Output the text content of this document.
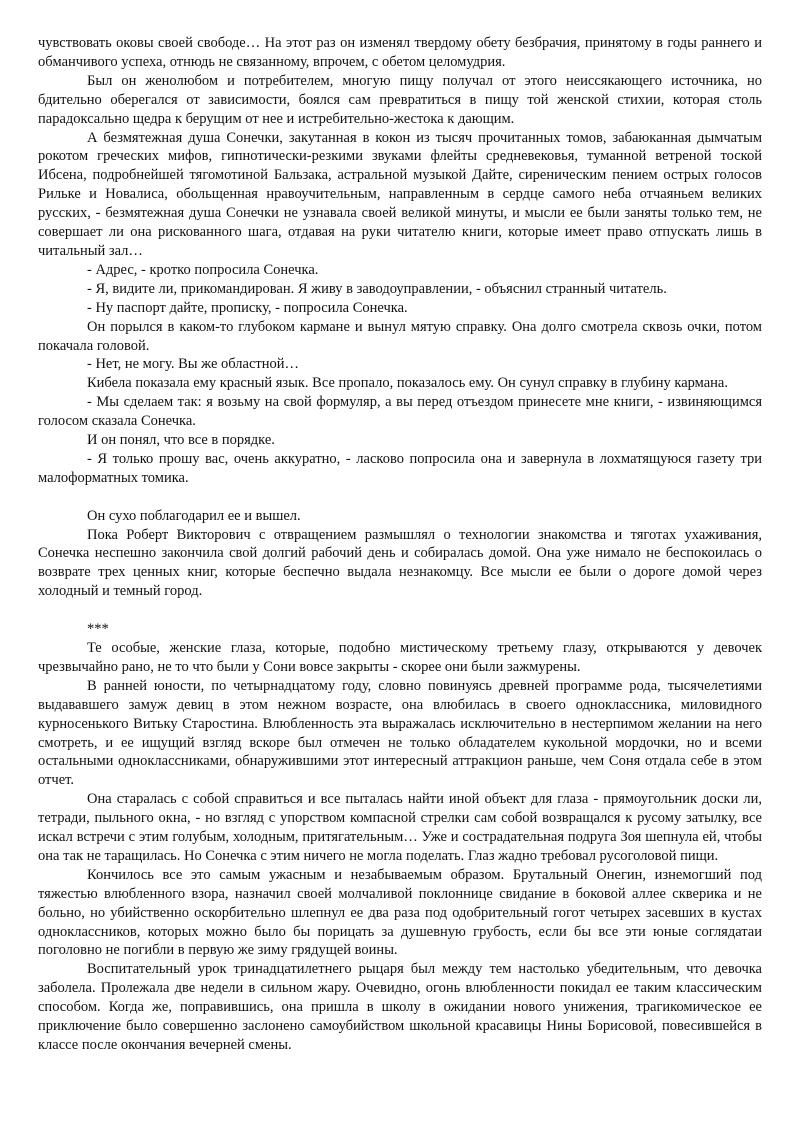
чувствовать оковы своей свободе… На этот раз он изменял твердому обету безбрачия, принятому в годы раннего и обманчивого успеха, отнюдь не связанному, впрочем, с обетом целомудрия.

Был он женолюбом и потребителем, многую пищу получал от этого неиссякающего источника, но бдительно оберегался от зависимости, боялся сам превратиться в пищу той женской стихии, которая столь парадоксально щедра к берущим от нее и истребительно-жестока к дающим.

А безмятежная душа Сонечки, закутанная в кокон из тысяч прочитанных томов, забаюканная дымчатым рокотом греческих мифов, гипнотически-резкими звуками флейты средневековья, туманной ветреной тоской Ибсена, подробнейшей тягомотиной Бальзака, астральной музыкой Дайте, сиреническим пением острых голосов Рильке и Новалиса, обольщенная нравоучительным, направленным в сердце самого неба отчаяньем великих русских, - безмятежная душа Сонечки не узнавала своей великой минуты, и мысли ее были заняты только тем, не совершает ли она рискованного шага, отдавая на руки читателю книги, которые имеет право отпускать лишь в читальный зал…

- Адрес, - кротко попросила Сонечка.

- Я, видите ли, прикомандирован. Я живу в заводоуправлении, - объяснил странный читатель.

- Ну паспорт дайте, прописку, - попросила Сонечка.

Он порылся в каком-то глубоком кармане и вынул мятую справку. Она долго смотрела сквозь очки, потом покачала головой.

- Нет, не могу. Вы же областной…

Кибела показала ему красный язык. Все пропало, показалось ему. Он сунул справку в глубину кармана.

- Мы сделаем так: я возьму на свой формуляр, а вы перед отъездом принесете мне книги, - извиняющимся голосом сказала Сонечка.

И он понял, что все в порядке.

- Я только прошу вас, очень аккуратно, - ласково попросила она и завернула в лохматящуюся газету три малоформатных томика.

Он сухо поблагодарил ее и вышел.

Пока Роберт Викторович с отвращением размышлял о технологии знакомства и тяготах ухаживания, Сонечка неспешно закончила свой долгий рабочий день и собиралась домой. Она уже нимало не беспокоилась о возврате трех ценных книг, которые беспечно выдала незнакомцу. Все мысли ее были о дороге домой через холодный и темный город.

***

Те особые, женские глаза, которые, подобно мистическому третьему глазу, открываются у девочек чрезвычайно рано, не то что были у Сони вовсе закрыты - скорее они были зажмурены.

В ранней юности, по четырнадцатому году, словно повинуясь древней программе рода, тысячелетиями выдававшего замуж девиц в этом нежном возрасте, она влюбилась в своего одноклассника, миловидного курносенького Витьку Старостина. Влюбленность эта выражалась исключительно в нестерпимом желании на него смотреть, и ее ищущий взгляд вскоре был отмечен не только обладателем кукольной мордочки, но и всеми остальными одноклассниками, обнаружившими этот интересный аттракцион раньше, чем Соня отдала себе в этом отчет.

Она старалась с собой справиться и все пыталась найти иной объект для глаза - прямоугольник доски ли, тетради, пыльного окна, - но взгляд с упорством компасной стрелки сам собой возвращался к русому затылку, все искал встречи с этим голубым, холодным, притягательным… Уже и сострадательная подруга Зоя шепнула ей, чтобы она так не таращилась. Но Сонечка с этим ничего не могла поделать. Глаз жадно требовал русоголовой пищи.

Кончилось все это самым ужасным и незабываемым образом. Брутальный Онегин, изнемогший под тяжестью влюбленного взора, назначил своей молчаливой поклоннице свидание в боковой аллее скверика и не больно, но убийственно оскорбительно шлепнул ее два раза под одобрительный гогот четырех засевших в кустах одноклассников, которых можно было бы порицать за душевную грубость, если бы все эти юные соглядатаи поголовно не погибли в первую же зиму грядущей воины.

Воспитательный урок тринадцатилетнего рыцаря был между тем настолько убедительным, что девочка заболела. Пролежала две недели в сильном жару. Очевидно, огонь влюбленности покидал ее таким классическим способом. Когда же, поправившись, она пришла в школу в ожидании нового унижения, трагикомическое ее приключение было совершенно заслонено самоубийством школьной красавицы Нины Борисовой, повесившейся в классе после окончания вечерней смены.
